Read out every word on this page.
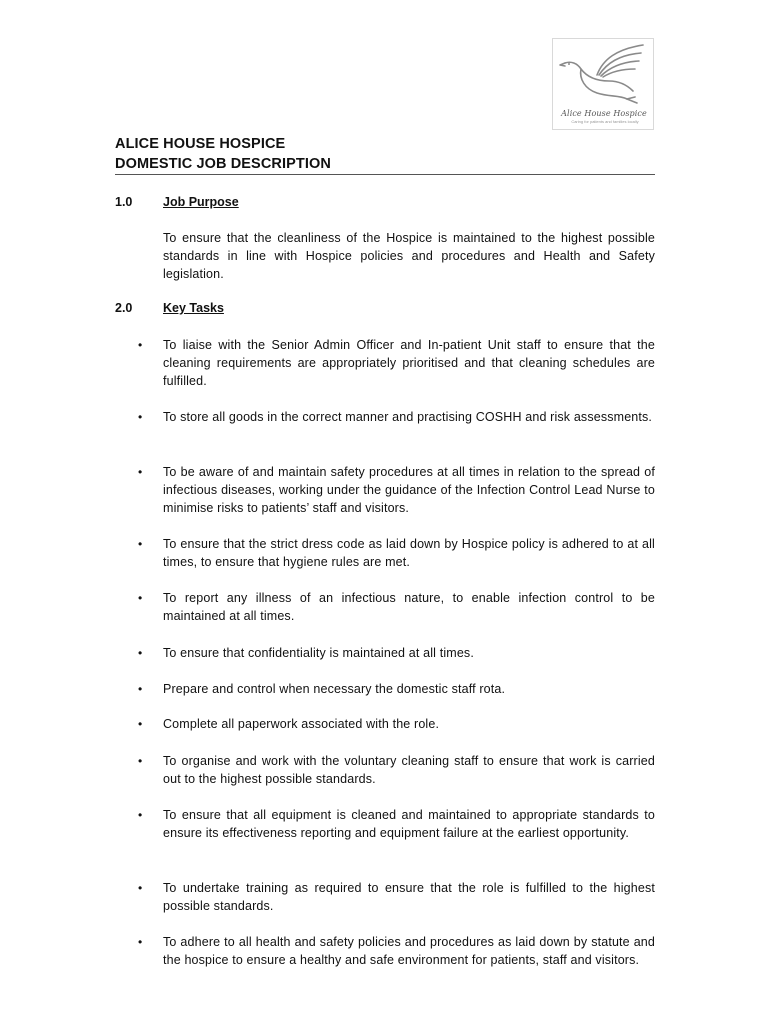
Alice House Hospice
Caring for patients and families locally
ALICE HOUSE HOSPICE
DOMESTIC JOB DESCRIPTION
1.0 Job Purpose
To ensure that the cleanliness of the Hospice is maintained to the highest possible standards in line with Hospice policies and procedures and Health and Safety legislation.
2.0 Key Tasks
• To liaise with the Senior Admin Officer and In-patient Unit staff to ensure that the cleaning requirements are appropriately prioritised and that cleaning schedules are fulfilled.
• To store all goods in the correct manner and practising COSHH and risk assessments.
• To be aware of and maintain safety procedures at all times in relation to the spread of infectious diseases, working under the guidance of the Infection Control Lead Nurse to minimise risks to patients’ staff and visitors.
• To ensure that the strict dress code as laid down by Hospice policy is adhered to at all times, to ensure that hygiene rules are met.
• To report any illness of an infectious nature, to enable infection control to be maintained at all times.
• To ensure that confidentiality is maintained at all times.
• Prepare and control when necessary the domestic staff rota.
• Complete all paperwork associated with the role.
• To organise and work with the voluntary cleaning staff to ensure that work is carried out to the highest possible standards.
• To ensure that all equipment is cleaned and maintained to appropriate standards to ensure its effectiveness reporting and equipment failure at the earliest opportunity.
• To undertake training as required to ensure that the role is fulfilled to the highest possible standards.
• To adhere to all health and safety policies and procedures as laid down by statute and the hospice to ensure a healthy and safe environment for patients, staff and visitors.
